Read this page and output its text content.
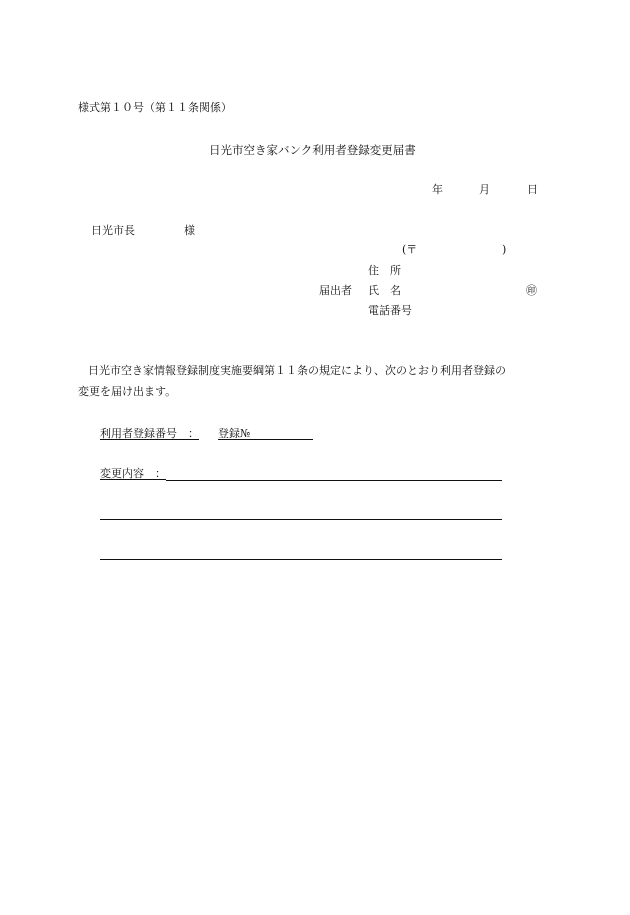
様式第１０号（第１１条関係）
日光市空き家バンク利用者登録変更届書
年	月	日
日光市長	様
(〒	)
住　所
届出者 氏　名	㊞
電話番号
日光市空き家情報登録制度実施要綱第１１条の規定により、次のとおり利用者登録の
変更を届け出ます。
利用者登録番号　： 登録№
変更内容　：
